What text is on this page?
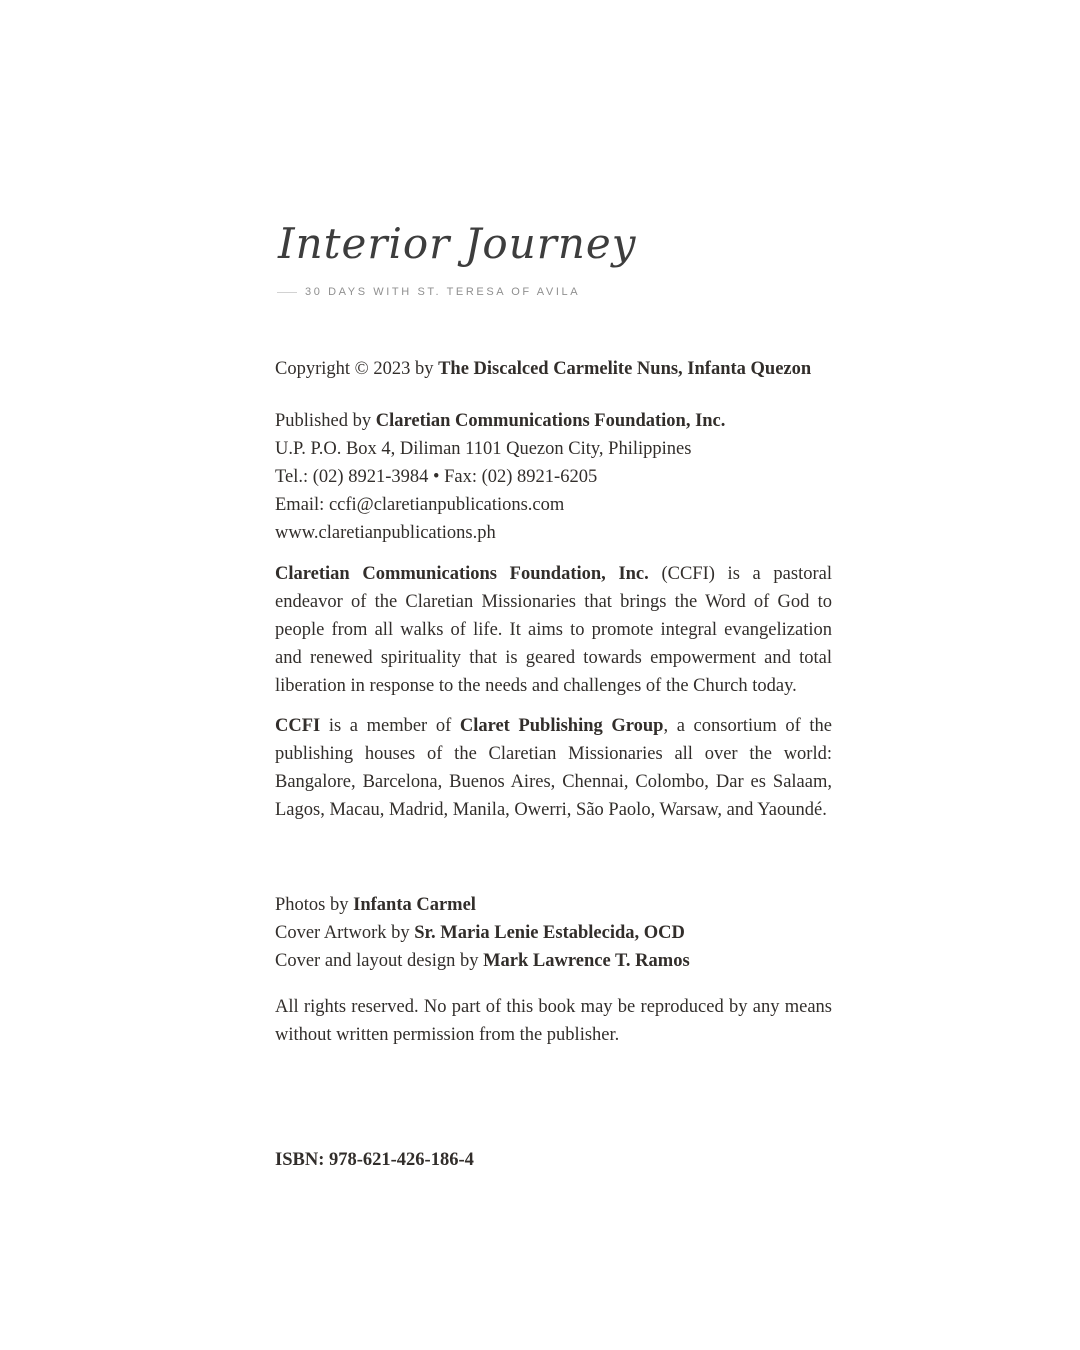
Interior Journey
30 DAYS WITH ST. TERESA OF AVILA
Copyright © 2023 by The Discalced Carmelite Nuns, Infanta Quezon
Published by Claretian Communications Foundation, Inc.
U.P. P.O. Box 4, Diliman 1101 Quezon City, Philippines
Tel.: (02) 8921-3984 • Fax: (02) 8921-6205
Email: ccfi@claretianpublications.com
www.claretianpublications.ph
Claretian Communications Foundation, Inc. (CCFI) is a pastoral endeavor of the Claretian Missionaries that brings the Word of God to people from all walks of life. It aims to promote integral evangelization and renewed spirituality that is geared towards empowerment and total liberation in response to the needs and challenges of the Church today.
CCFI is a member of Claret Publishing Group, a consortium of the publishing houses of the Claretian Missionaries all over the world: Bangalore, Barcelona, Buenos Aires, Chennai, Colombo, Dar es Salaam, Lagos, Macau, Madrid, Manila, Owerri, São Paolo, Warsaw, and Yaoundé.
Photos by Infanta Carmel
Cover Artwork by Sr. Maria Lenie Establecida, OCD
Cover and layout design by Mark Lawrence T. Ramos
All rights reserved. No part of this book may be reproduced by any means without written permission from the publisher.
ISBN: 978-621-426-186-4
